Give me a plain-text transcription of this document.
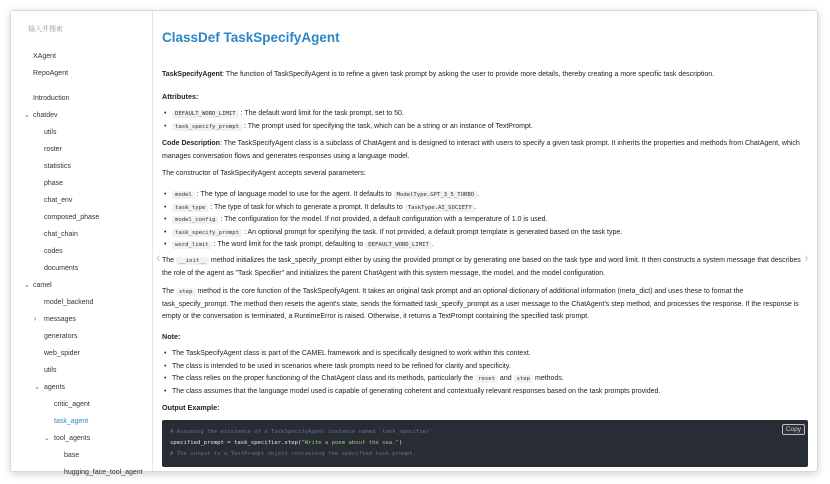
输入并搜索
XAgent
RepoAgent
Introduction
⌄ chatdev
utils
roster
statistics
phase
chat_env
composed_phase
chat_chain
codes
documents
⌄ camel
model_backend
› messages
generators
web_spider
utils
⌄ agents
critic_agent
task_agent
⌄ tool_agents
base
hugging_face_tool_agent
‹	›
ClassDef TaskSpecifyAgent
TaskSpecifyAgent: The function of TaskSpecifyAgent is to refine a given task prompt by asking the user to provide more details, thereby creating a more specific task description.
Attributes:
• DEFAULT_WORD_LIMIT : The default word limit for the task prompt, set to 50.
• task_specify_prompt : The prompt used for specifying the task, which can be a string or an instance of TextPrompt.
Code Description: The TaskSpecifyAgent class is a subclass of ChatAgent and is designed to interact with users to specify a given task prompt. It inherits the properties and methods from ChatAgent, which manages conversation flows and generates responses using a language model.
The constructor of TaskSpecifyAgent accepts several parameters:
• model : The type of language model to use for the agent. It defaults to ModelType.GPT_3_5_TURBO .
• task_type : The type of task for which to generate a prompt. It defaults to TaskType.AI_SOCIETY .
• model_config : The configuration for the model. If not provided, a default configuration with a temperature of 1.0 is used.
• task_specify_prompt : An optional prompt for specifying the task. If not provided, a default prompt template is generated based on the task type.
• word_limit : The word limit for the task prompt, defaulting to DEFAULT_WORD_LIMIT .
The __init__ method initializes the task_specify_prompt either by using the provided prompt or by generating one based on the task type and word limit. It then constructs a system message that describes the role of the agent as "Task Specifier" and initializes the parent ChatAgent with this system message, the model, and the model configuration.
The step method is the core function of the TaskSpecifyAgent. It takes an original task prompt and an optional dictionary of additional information (meta_dict) and uses these to format the task_specify_prompt. The method then resets the agent's state, sends the formatted task_specify_prompt as a user message to the ChatAgent's step method, and processes the response. If the response is empty or the conversation is terminated, a RuntimeError is raised. Otherwise, it returns a TextPrompt containing the specified task prompt.
Note:
• The TaskSpecifyAgent class is part of the CAMEL framework and is specifically designed to work within this context.
• The class is intended to be used in scenarios where task prompts need to be refined for clarity and specificity.
• The class relies on the proper functioning of the ChatAgent class and its methods, particularly the reset and step methods.
• The class assumes that the language model used is capable of generating coherent and contextually relevant responses based on the task prompts provided.
Output Example:
# Assuming the existence of a TaskSpecifyAgent instance named `task_specifier`.
specified_prompt = task_specifier.step("Write a poem about the sea.")
# The output is a TextPrompt object containing the specified task prompt.
Copy
